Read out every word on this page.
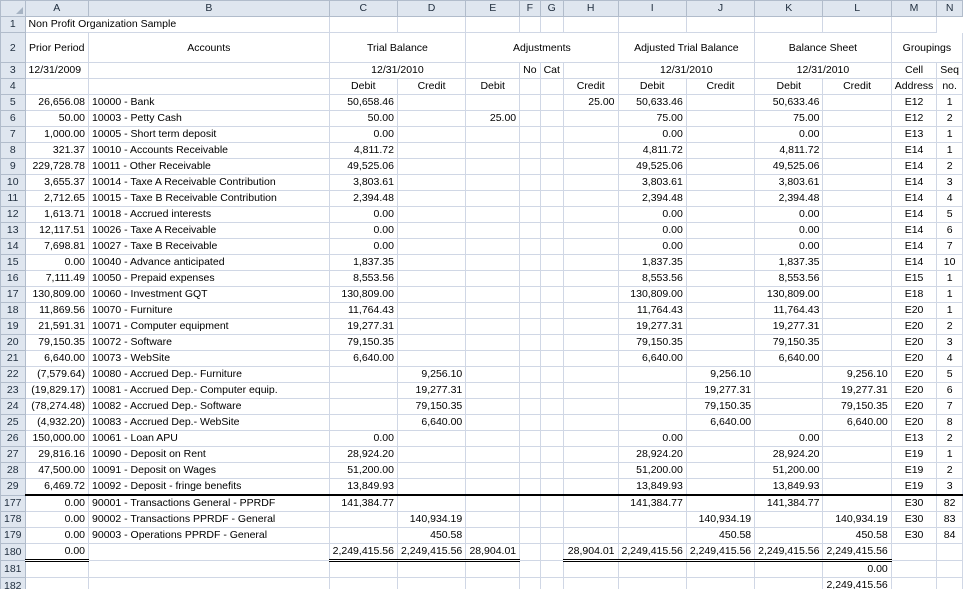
	A	B	C	D	E	F	G	H	I	J	K	L	M	N
1	Non Profit Organization Sample													
2	Prior Period	Accounts	Trial Balance		Adjustments				Adjusted Trial Balance		Balance Sheet		Groupings	
3	12/31/2009		12/31/2010			No	Cat		12/31/2010		12/31/2010		Cell	Seq
4			Debit	Credit	Debit			Credit	Debit	Credit	Debit	Credit	Address	no.
5	26,656.08	10000 - Bank	50,658.46					25.00	50,633.46		50,633.46		E12	1
6	50.00	10003 - Petty Cash	50.00		25.00				75.00		75.00		E12	2
7	1,000.00	10005 - Short term deposit	0.00						0.00		0.00		E13	1
8	321.37	10010 - Accounts Receivable	4,811.72						4,811.72		4,811.72		E14	1
9	229,728.78	10011 - Other Receivable	49,525.06						49,525.06		49,525.06		E14	2
10	3,655.37	10014 - Taxe A Receivable Contribution	3,803.61						3,803.61		3,803.61		E14	3
11	2,712.65	10015 - Taxe B Receivable Contribution	2,394.48						2,394.48		2,394.48		E14	4
12	1,613.71	10018 - Accrued interests	0.00						0.00		0.00		E14	5
13	12,117.51	10026 - Taxe A Receivable	0.00						0.00		0.00		E14	6
14	7,698.81	10027 - Taxe B Receivable	0.00						0.00		0.00		E14	7
15	0.00	10040 - Advance anticipated	1,837.35						1,837.35		1,837.35		E14	10
16	7,111.49	10050 - Prepaid expenses	8,553.56						8,553.56		8,553.56		E15	1
17	130,809.00	10060 - Investment GQT	130,809.00						130,809.00		130,809.00		E18	1
18	11,869.56	10070 - Furniture	11,764.43						11,764.43		11,764.43		E20	1
19	21,591.31	10071 - Computer equipment	19,277.31						19,277.31		19,277.31		E20	2
20	79,150.35	10072 - Software	79,150.35						79,150.35		79,150.35		E20	3
21	6,640.00	10073 - WebSite	6,640.00						6,640.00		6,640.00		E20	4
22	(7,579.64)	10080 - Accrued Dep.- Furniture		9,256.10						9,256.10		9,256.10	E20	5
23	(19,829.17)	10081 - Accrued Dep.- Computer equip.		19,277.31						19,277.31		19,277.31	E20	6
24	(78,274.48)	10082 - Accrued Dep.- Software		79,150.35						79,150.35		79,150.35	E20	7
25	(4,932.20)	10083 - Accrued Dep.- WebSite		6,640.00						6,640.00		6,640.00	E20	8
26	150,000.00	10061 - Loan APU	0.00						0.00		0.00		E13	2
27	29,816.16	10090 - Deposit on Rent	28,924.20						28,924.20		28,924.20		E19	1
28	47,500.00	10091 - Deposit on Wages	51,200.00						51,200.00		51,200.00		E19	2
29	6,469.72	10092 - Deposit - fringe benefits	13,849.93						13,849.93		13,849.93		E19	3
177	0.00	90001 - Transactions General - PPRDF	141,384.77						141,384.77		141,384.77		E30	82
178	0.00	90002 - Transactions PPRDF - General		140,934.19						140,934.19		140,934.19	E30	83
179	0.00	90003 - Operations PPRDF - General		450.58						450.58		450.58	E30	84
180	0.00		2,249,415.56	2,249,415.56	28,904.01			28,904.01	2,249,415.56	2,249,415.56	2,249,415.56	2,249,415.56		
181												0.00		
182												2,249,415.56		
